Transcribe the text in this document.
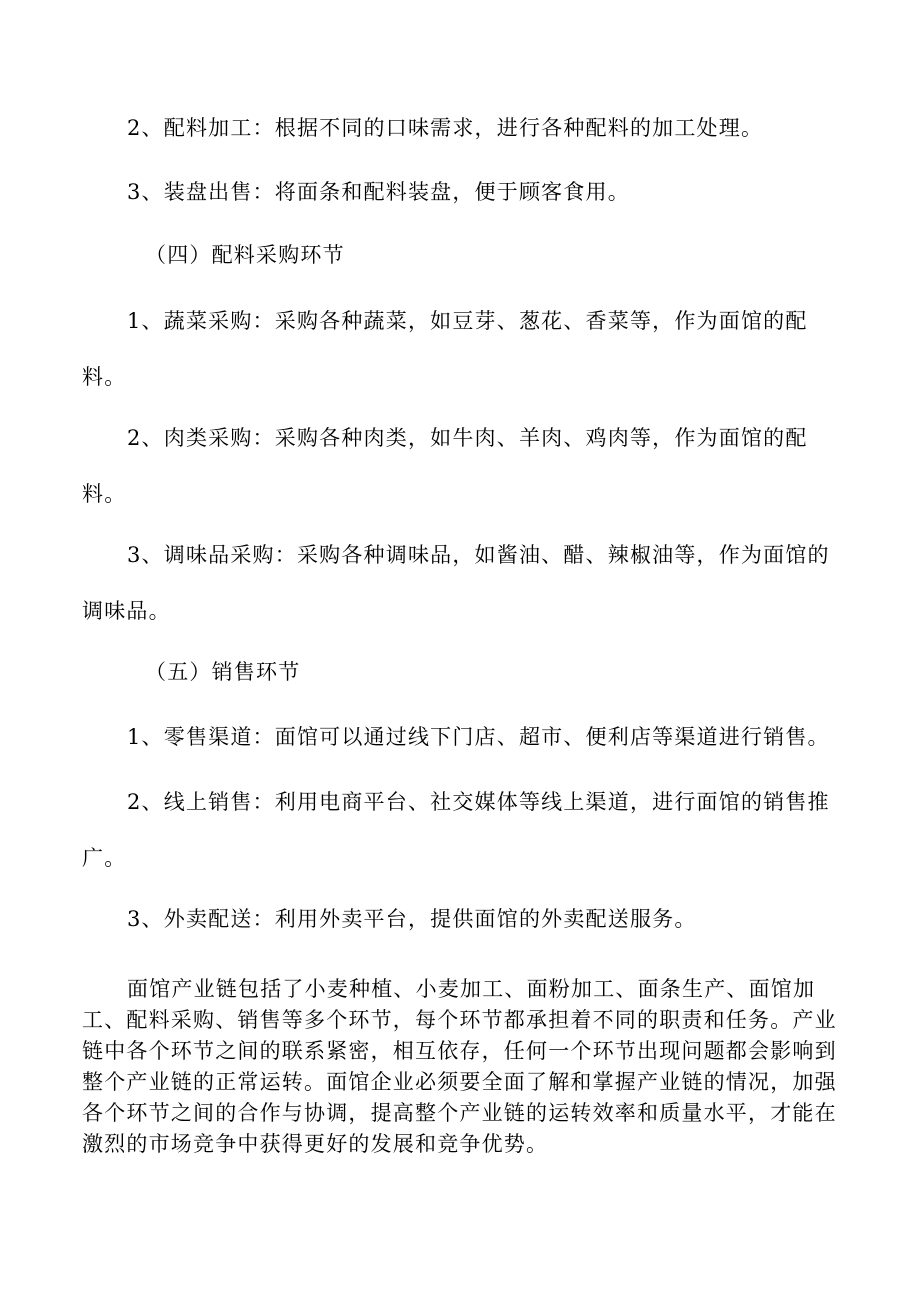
2、配料加工：根据不同的口味需求，进行各种配料的加工处理。

3、装盘出售：将面条和配料装盘，便于顾客食用。

（四）配料采购环节

1、蔬菜采购：采购各种蔬菜，如豆芽、葱花、香菜等，作为面馆的配料。

2、肉类采购：采购各种肉类，如牛肉、羊肉、鸡肉等，作为面馆的配料。

3、调味品采购：采购各种调味品，如酱油、醋、辣椒油等，作为面馆的调味品。

（五）销售环节

1、零售渠道：面馆可以通过线下门店、超市、便利店等渠道进行销售。

2、线上销售：利用电商平台、社交媒体等线上渠道，进行面馆的销售推广。

3、外卖配送：利用外卖平台，提供面馆的外卖配送服务。

面馆产业链包括了小麦种植、小麦加工、面粉加工、面条生产、面馆加工、配料采购、销售等多个环节，每个环节都承担着不同的职责和任务。产业链中各个环节之间的联系紧密，相互依存，任何一个环节出现问题都会影响到整个产业链的正常运转。面馆企业必须要全面了解和掌握产业链的情况，加强各个环节之间的合作与协调，提高整个产业链的运转效率和质量水平，才能在激烈的市场竞争中获得更好的发展和竞争优势。
